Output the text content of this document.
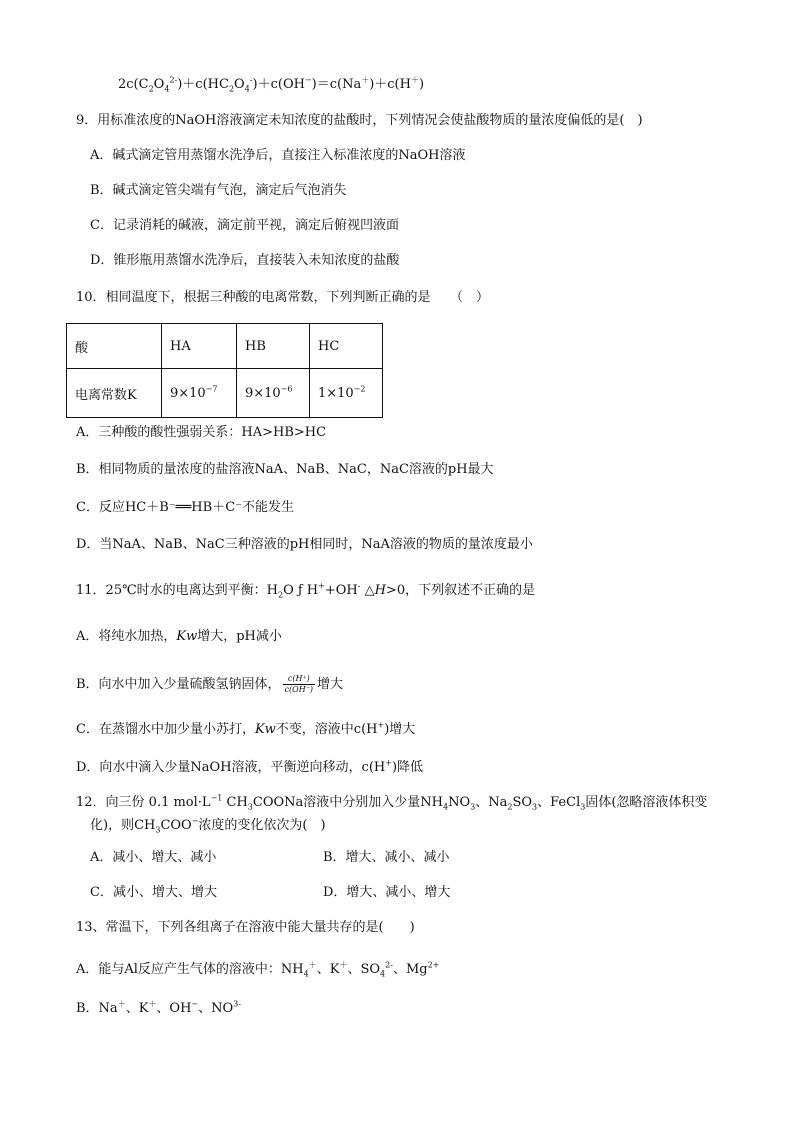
$2c(C_2O_4^{2-})+c(HC_2O_4^-)+c(OH^-)=c(Na^+)+c(H^+)$
9．用标准浓度的NaOH溶液滴定未知浓度的盐酸时，下列情况会使盐酸物质的量浓度偏低的是(　)
A．碱式滴定管用蒸馏水洗净后，直接注入标准浓度的NaOH溶液
B．碱式滴定管尖端有气泡，滴定后气泡消失
C．记录消耗的碱液，滴定前平视，滴定后俯视凹液面
D．锥形瓶用蒸馏水洗净后，直接装入未知浓度的盐酸
10．相同温度下，根据三种酸的电离常数，下列判断正确的是　　（　）
酸	HA	HB	HC
电离常数K	$9\times 10^{-7}$	$9\times 10^{-6}$	$1\times 10^{-2}$
A．三种酸的酸性强弱关系：HA>HB>HC
B．相同物质的量浓度的盐溶液NaA、NaB、NaC，NaC溶液的pH最大
C．反应HC＋B⁻══HB＋C⁻不能发生
D．当NaA、NaB、NaC三种溶液的pH相同时，NaA溶液的物质的量浓度最小
11．25℃时水的电离达到平衡：$H_2O$ ƒ H++OH- △H>0，下列叙述不正确的是
A．将纯水加热，Kw增大，pH减小
B．向水中加入少量硫酸氢钠固体， $\frac{c(H^+)}{c(OH^-)}$ 增大
C．在蒸馏水中加少量小苏打，Kw不变，溶液中c(H+)增大
D．向水中滴入少量NaOH溶液，平衡逆向移动，c(H+)降低
12．向三份 0.1 $mol\cdot L^{-1}$ $CH_3COONa$溶液中分别加入少量$NH_4NO_3$、$Na_2SO_3$、FeCl$_3$固体(忽略溶液体积变
化)，则$CH_3COO^-$浓度的变化依次为(　)
A．减小、增大、减小	B．增大、减小、减小
C．减小、增大、增大	D．增大、减小、增大
13、常温下，下列各组离子在溶液中能大量共存的是(　　)
A．能与Al反应产生气体的溶液中：$NH_4^+$、K＋、$SO_4^{2-}$、$Mg^{2+}$
B．Na＋、K＋、OH−、$NO^{3-}$
